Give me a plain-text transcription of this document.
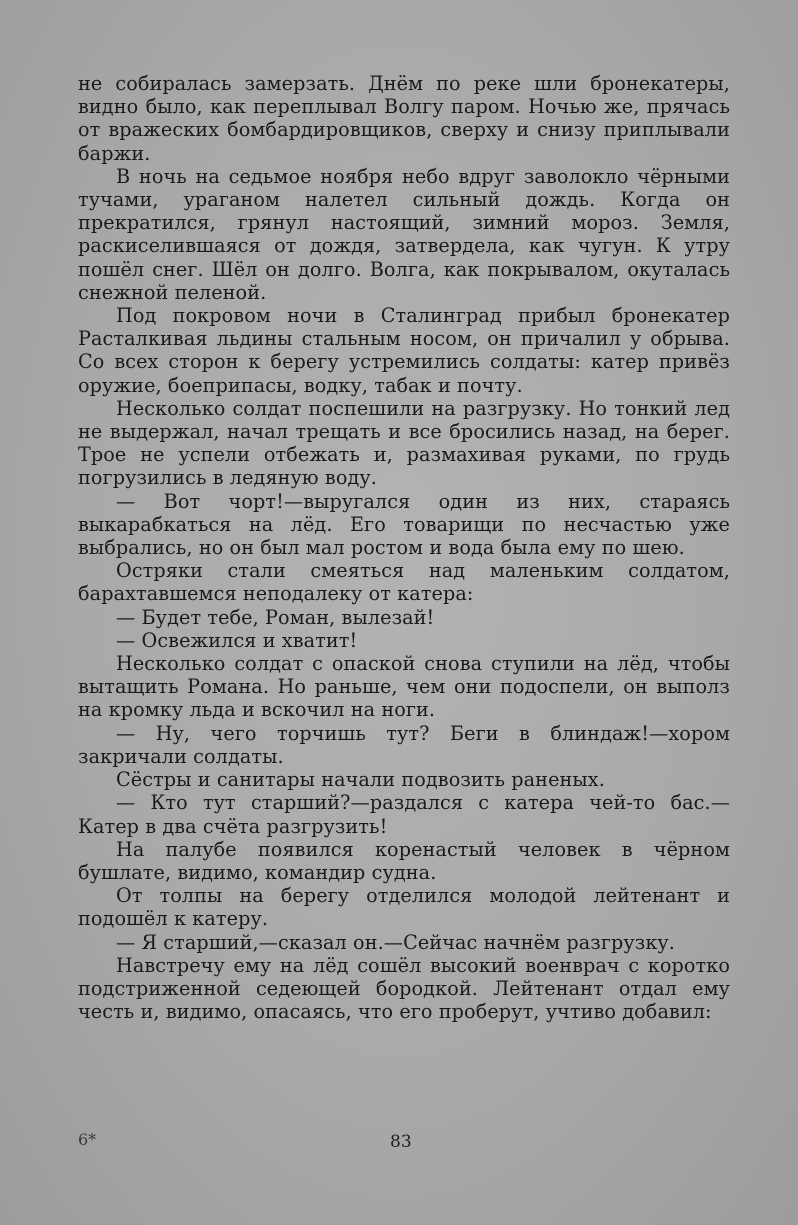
не собиралась замерзать. Днём по реке шли бронекатеры, видно было, как переплывал Волгу паром. Ночью же, прячась от вражеских бомбардировщиков, сверху и снизу приплывали баржи.

В ночь на седьмое ноября небо вдруг заволокло чёрными тучами, ураганом налетел сильный дождь. Когда он прекратился, грянул настоящий, зимний мороз. Земля, раскиселившаяся от дождя, затвердела, как чугун. К утру пошёл снег. Шёл он долго. Волга, как покрывалом, окуталась снежной пеленой.

Под покровом ночи в Сталинград прибыл бронекатер Расталкивая льдины стальным носом, он причалил у обрыва. Со всех сторон к берегу устремились солдаты: катер привёз оружие, боеприпасы, водку, табак и почту.

Несколько солдат поспешили на разгрузку. Но тонкий лед не выдержал, начал трещать и все бросились назад, на берег. Трое не успели отбежать и, размахивая руками, по грудь погрузились в ледяную воду.

— Вот чорт!—выругался один из них, стараясь выкарабкаться на лёд. Его товарищи по несчастью уже выбрались, но он был мал ростом и вода была ему по шею.

Остряки стали смеяться над маленьким солдатом, барахтавшемся неподалеку от катера:

— Будет тебе, Роман, вылезай!

— Освежился и хватит!

Несколько солдат с опаской снова ступили на лёд, чтобы вытащить Романа. Но раньше, чем они подоспели, он выполз на кромку льда и вскочил на ноги.

— Ну, чего торчишь тут? Беги в блиндаж!—хором закричали солдаты.

Сёстры и санитары начали подвозить раненых.

— Кто тут старший?—раздался с катера чей-то бас.— Катер в два счёта разгрузить!

На палубе появился коренастый человек в чёрном бушлате, видимо, командир судна.

От толпы на берегу отделился молодой лейтенант и подошёл к катеру.

— Я старший,—сказал он.—Сейчас начнём разгрузку.

Навстречу ему на лёд сошёл высокий военврач с коротко подстриженной седеющей бородкой. Лейтенант отдал ему честь и, видимо, опасаясь, что его проберут, учтиво добавил:

6*	83
